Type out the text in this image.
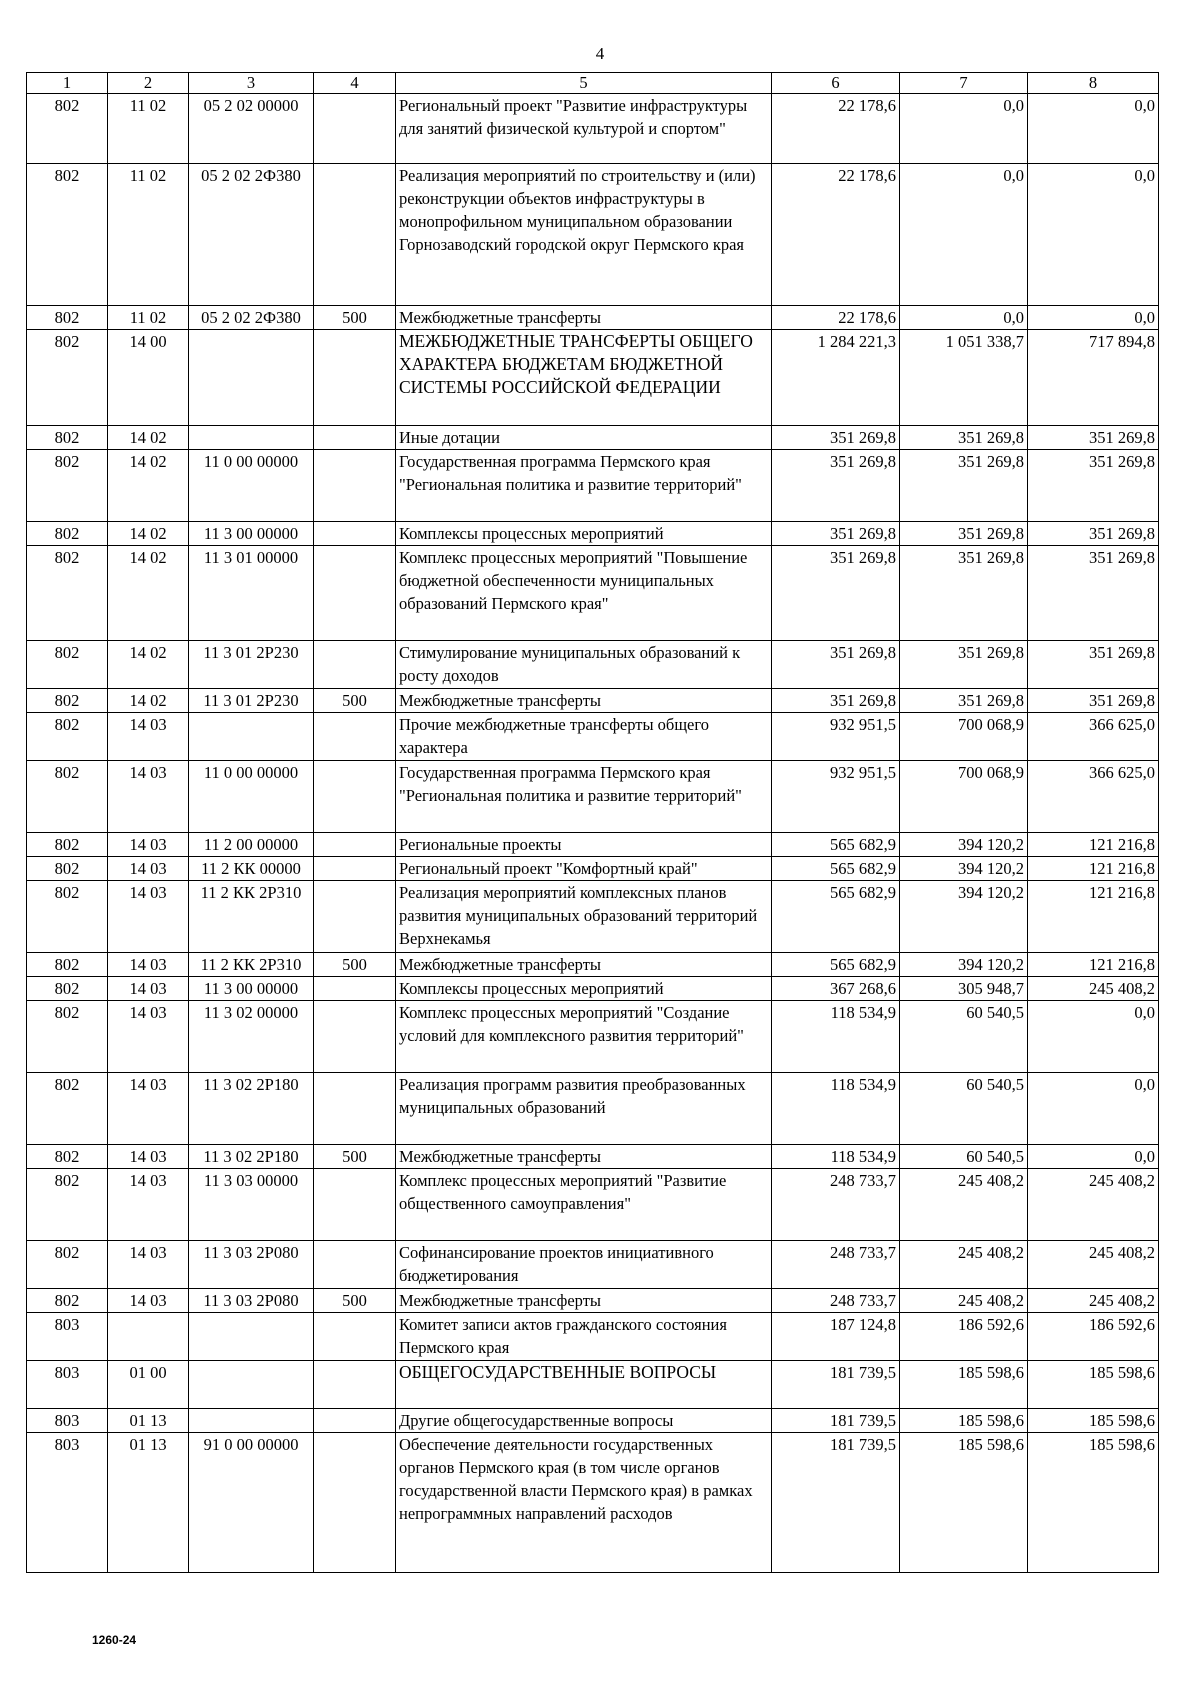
4
1	2	3	4	5	6	7	8
802	11 02	05 2 02 00000		Региональный проект "Развитие инфраструктуры для занятий физической культурой и спортом"	22 178,6	0,0	0,0
802	11 02	05 2 02 2Ф380		Реализация мероприятий по строительству и (или) реконструкции объектов инфраструктуры в монопрофильном муниципальном образовании Горнозаводский городской округ Пермского края	22 178,6	0,0	0,0
802	11 02	05 2 02 2Ф380	500	Межбюджетные трансферты	22 178,6	0,0	0,0
802	14 00			МЕЖБЮДЖЕТНЫЕ ТРАНСФЕРТЫ ОБЩЕГО ХАРАКТЕРА БЮДЖЕТАМ БЮДЖЕТНОЙ СИСТЕМЫ РОССИЙСКОЙ ФЕДЕРАЦИИ	1 284 221,3	1 051 338,7	717 894,8
802	14 02			Иные дотации	351 269,8	351 269,8	351 269,8
802	14 02	11 0 00 00000		Государственная программа Пермского края "Региональная политика и развитие территорий"	351 269,8	351 269,8	351 269,8
802	14 02	11 3 00 00000		Комплексы процессных мероприятий	351 269,8	351 269,8	351 269,8
802	14 02	11 3 01 00000		Комплекс процессных мероприятий "Повышение бюджетной обеспеченности муниципальных образований Пермского края"	351 269,8	351 269,8	351 269,8
802	14 02	11 3 01 2Р230		Стимулирование муниципальных образований к росту доходов	351 269,8	351 269,8	351 269,8
802	14 02	11 3 01 2Р230	500	Межбюджетные трансферты	351 269,8	351 269,8	351 269,8
802	14 03			Прочие межбюджетные трансферты общего характера	932 951,5	700 068,9	366 625,0
802	14 03	11 0 00 00000		Государственная программа Пермского края "Региональная политика и развитие территорий"	932 951,5	700 068,9	366 625,0
802	14 03	11 2 00 00000		Региональные проекты	565 682,9	394 120,2	121 216,8
802	14 03	11 2 КК 00000		Региональный проект "Комфортный край"	565 682,9	394 120,2	121 216,8
802	14 03	11 2 КК 2Р310		Реализация мероприятий комплексных планов развития муниципальных образований территорий Верхнекамья	565 682,9	394 120,2	121 216,8
802	14 03	11 2 КК 2Р310	500	Межбюджетные трансферты	565 682,9	394 120,2	121 216,8
802	14 03	11 3 00 00000		Комплексы процессных мероприятий	367 268,6	305 948,7	245 408,2
802	14 03	11 3 02 00000		Комплекс процессных мероприятий "Создание условий для комплексного развития территорий"	118 534,9	60 540,5	0,0
802	14 03	11 3 02 2Р180		Реализация программ развития преобразованных муниципальных образований	118 534,9	60 540,5	0,0
802	14 03	11 3 02 2Р180	500	Межбюджетные трансферты	118 534,9	60 540,5	0,0
802	14 03	11 3 03 00000		Комплекс процессных мероприятий "Развитие общественного самоуправления"	248 733,7	245 408,2	245 408,2
802	14 03	11 3 03 2Р080		Софинансирование проектов инициативного бюджетирования	248 733,7	245 408,2	245 408,2
802	14 03	11 3 03 2Р080	500	Межбюджетные трансферты	248 733,7	245 408,2	245 408,2
803				Комитет записи актов гражданского состояния Пермского края	187 124,8	186 592,6	186 592,6
803	01 00			ОБЩЕГОСУДАРСТВЕННЫЕ ВОПРОСЫ	181 739,5	185 598,6	185 598,6
803	01 13			Другие общегосударственные вопросы	181 739,5	185 598,6	185 598,6
803	01 13	91 0 00 00000		Обеспечение деятельности государственных органов Пермского края (в том числе органов государственной власти Пермского края) в рамках непрограммных направлений расходов	181 739,5	185 598,6	185 598,6
1260-24
